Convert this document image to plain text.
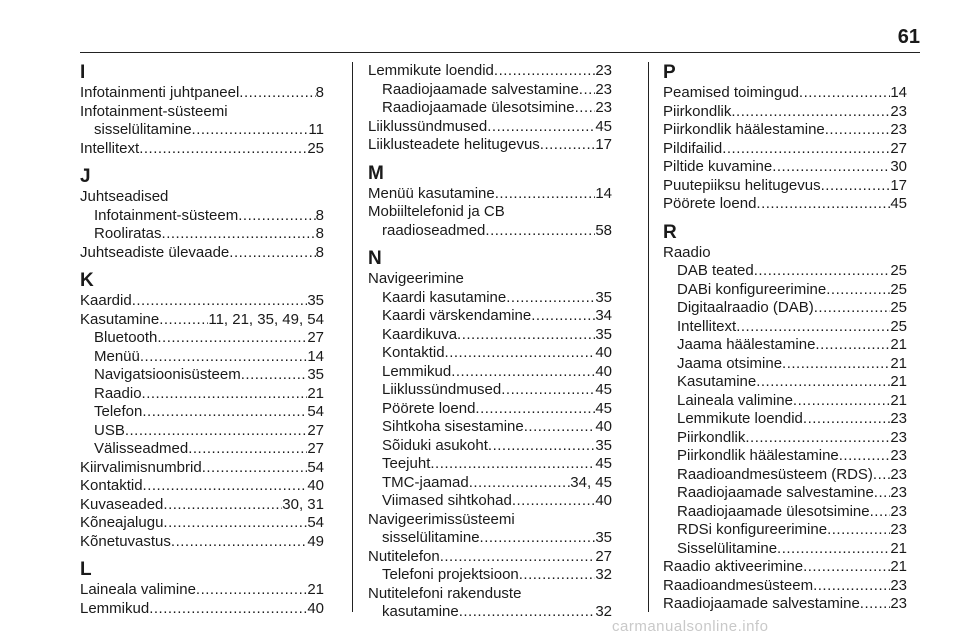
61
I
Infotainmenti juhtpaneel .....	8
Infotainment-süsteemi
sisselülitamine .....	11
Intellitext .....	25
J
Juhtseadised
Infotainment-süsteem .....	8
Rooliratas .....	8
Juhtseadiste ülevaade .....	8
K
Kaardid .....	35
Kasutamine .....	11, 21, 35, 49, 54
Bluetooth .....	27
Menüü .....	14
Navigatsioonisüsteem .....	35
Raadio .....	21
Telefon .....	54
USB .....	27
Välisseadmed .....	27
Kiirvalimisnumbrid .....	54
Kontaktid .....	40
Kuvaseaded .....	30, 31
Kõneajalugu .....	54
Kõnetuvastus .....	49
L
Laineala valimine .....	21
Lemmikud .....	40
Lemmikute loendid .....	23
Raadiojaamade salvestamine ..... 23
Raadiojaamade ülesotsimine ..... 23
Liiklussündmused .....	45
Liiklusteadete helitugevus .....	17
M
Menüü kasutamine .....	14
Mobiiltelefonid ja CB
raadioseadmed .....	58
N
Navigeerimine
Kaardi kasutamine .....	35
Kaardi värskendamine .....	34
Kaardikuva .....	35
Kontaktid .....	40
Lemmikud .....	40
Liiklussündmused .....	45
Pöörete loend .....	45
Sihtkoha sisestamine .....	40
Sõiduki asukoht .....	35
Teejuht .....	45
TMC-jaamad .....	34, 45
Viimased sihtkohad .....	40
Navigeerimissüsteemi
sisselülitamine .....	35
Nutitelefon .....	27
Telefoni projektsioon .....	32
Nutitelefoni rakenduste
kasutamine .....	32
P
Peamised toimingud .....	14
Piirkondlik .....	23
Piirkondlik häälestamine .....	23
Pildifailid .....	27
Piltide kuvamine .....	30
Puutepiiksu helitugevus .....	17
Pöörete loend .....	45
R
Raadio
DAB teated .....	25
DABi konfigureerimine .....	25
Digitaalraadio (DAB) .....	25
Intellitext .....	25
Jaama häälestamine .....	21
Jaama otsimine .....	21
Kasutamine .....	21
Laineala valimine .....	21
Lemmikute loendid .....	23
Piirkondlik .....	23
Piirkondlik häälestamine .....	23
Raadioandmesüsteem (RDS) ..... 23
Raadiojaamade salvestamine ..... 23
Raadiojaamade ülesotsimine ..... 23
RDSi konfigureerimine .....	23
Sisselülitamine .....	21
Raadio aktiveerimine .....	21
Raadioandmesüsteem .....	23
Raadiojaamade salvestamine ..... 23
carmanualsonline.info
